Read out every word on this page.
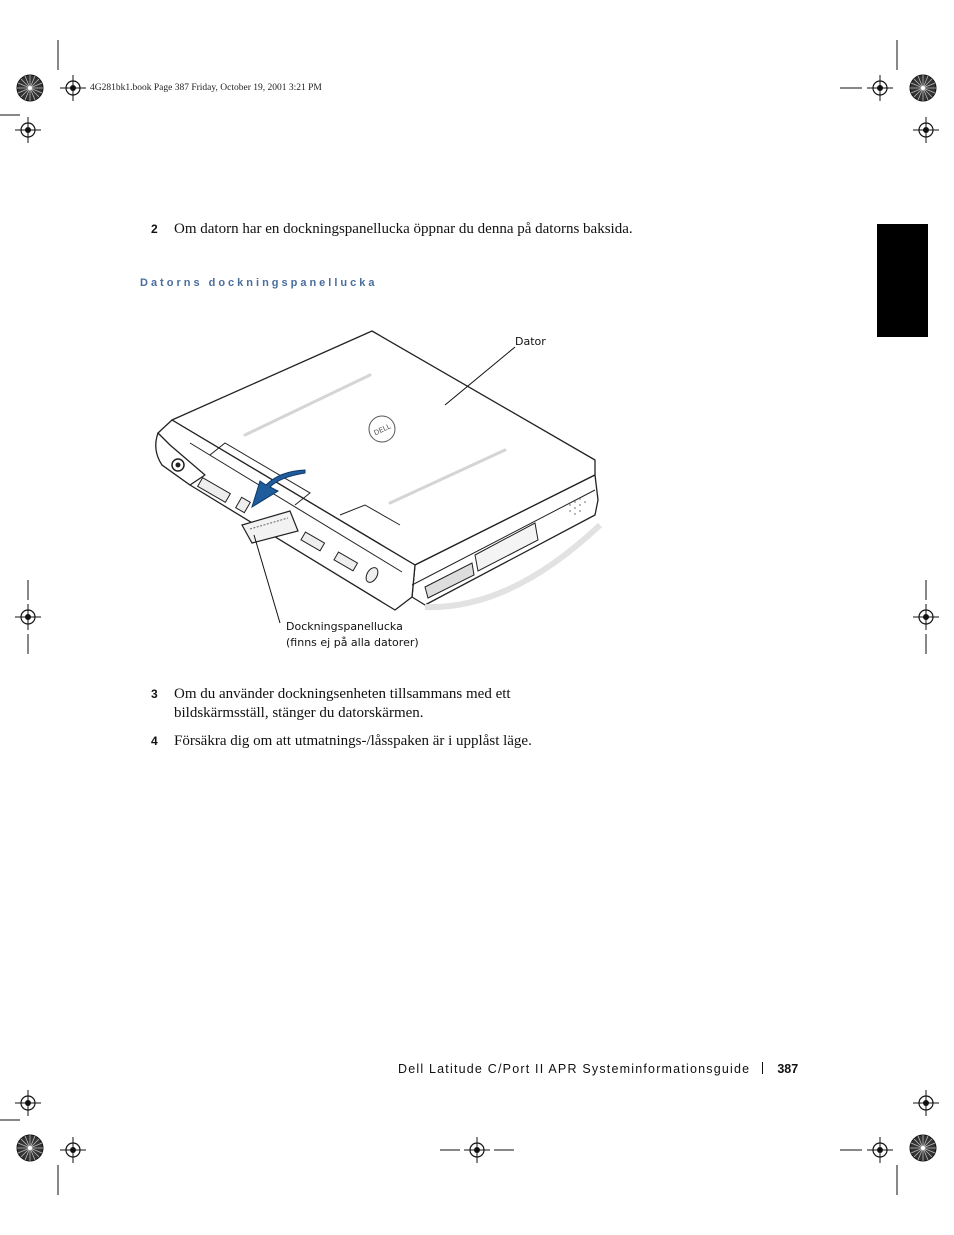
4G281bk1.book Page 387 Friday, October 19, 2001 3:21 PM
2 Om datorn har en dockningspanellucka öppnar du denna på datorns baksida.
Datorns dockningspanellucka
DELL
Dator
Dockningspanellucka
(finns ej på alla datorer)
3 Om du använder dockningsenheten tillsammans med ett bildskärmsställ, stänger du datorskärmen.
4 Försäkra dig om att utmatnings-/låsspaken är i upplåst läge.
Dell Latitude C/Port II APR Systeminformationsguide 387
